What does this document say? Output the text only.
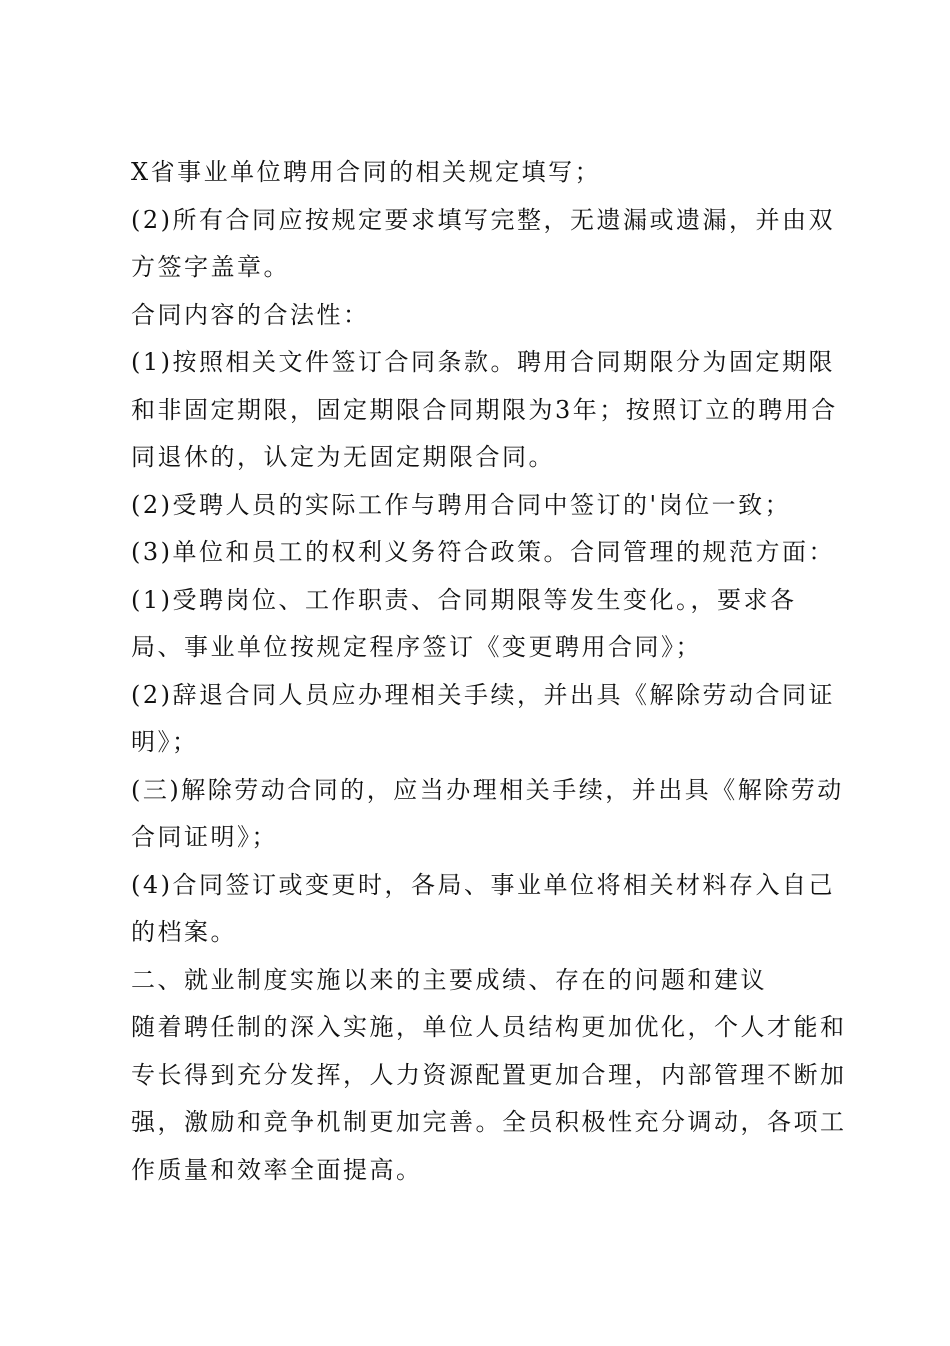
X省事业单位聘用合同的相关规定填写；
(2)所有合同应按规定要求填写完整，无遗漏或遗漏，并由双
方签字盖章。
合同内容的合法性：
(1)按照相关文件签订合同条款。聘用合同期限分为固定期限
和非固定期限，固定期限合同期限为3年；按照订立的聘用合
同退休的，认定为无固定期限合同。
(2)受聘人员的实际工作与聘用合同中签订的'岗位一致；
(3)单位和员工的权利义务符合政策。合同管理的规范方面：
(1)受聘岗位、工作职责、合同期限等发生变化。，要求各
局、事业单位按规定程序签订《变更聘用合同》；
(2)辞退合同人员应办理相关手续，并出具《解除劳动合同证
明》；
(三)解除劳动合同的，应当办理相关手续，并出具《解除劳动
合同证明》；
(4)合同签订或变更时，各局、事业单位将相关材料存入自己
的档案。
二、就业制度实施以来的主要成绩、存在的问题和建议
随着聘任制的深入实施，单位人员结构更加优化，个人才能和
专长得到充分发挥，人力资源配置更加合理，内部管理不断加
强，激励和竞争机制更加完善。全员积极性充分调动，各项工
作质量和效率全面提高。
